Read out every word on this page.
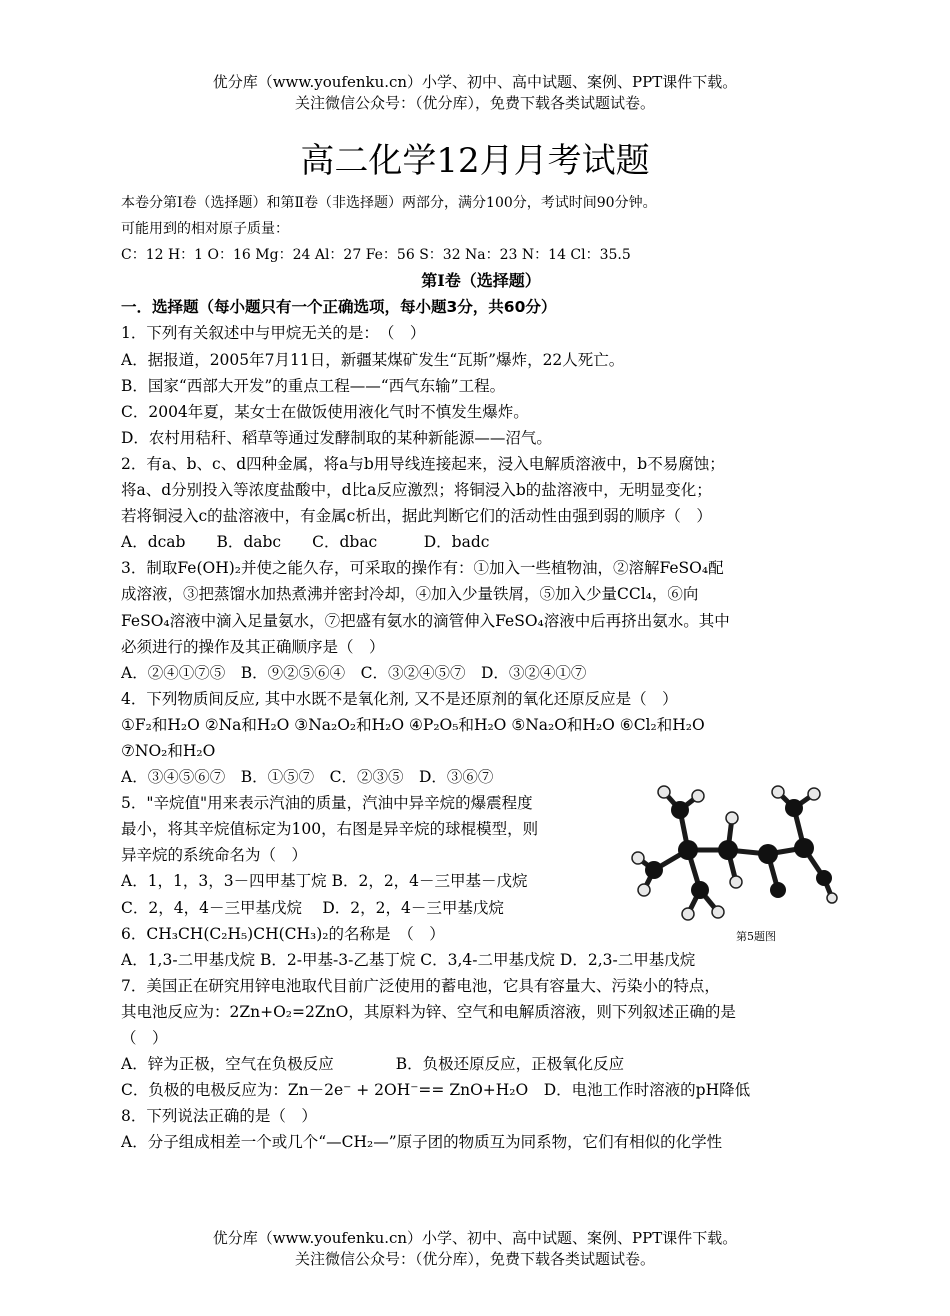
优分库（www.youfenku.cn）小学、初中、高中试题、案例、PPT课件下载。
关注微信公众号：（优分库），免费下载各类试题试卷。
高二化学12月月考试题
本卷分第Ⅰ卷（选择题）和第Ⅱ卷（非选择题）两部分，满分100分，考试时间90分钟。
可能用到的相对原子质量：
C：12 H：1 O：16 Mg：24 Al：27 Fe：56 S：32 Na：23 N：14 Cl：35.5
第Ⅰ卷（选择题）
一．选择题（每小题只有一个正确选项，每小题3分，共60分）
1．下列有关叙述中与甲烷无关的是：　（　）
A．据报道，2005年7月11日，新疆某煤矿发生“瓦斯”爆炸，22人死亡。
B．国家“西部大开发”的重点工程——“西气东输”工程。
C．2004年夏，某女士在做饭使用液化气时不慎发生爆炸。
D．农村用秸秆、稻草等通过发酵制取的某种新能源——沼气。
2．有a、b、c、d四种金属，将a与b用导线连接起来，浸入电解质溶液中，b不易腐蚀；
将a、d分别投入等浓度盐酸中，d比a反应激烈；将铜浸入b的盐溶液中，无明显变化；
若将铜浸入c的盐溶液中，有金属c析出，据此判断它们的活动性由强到弱的顺序（　）
A．dcab　　B．dabc　　C．dbac　　　D．badc
3．制取Fe(OH)₂并使之能久存，可采取的操作有：①加入一些植物油，②溶解FeSO₄配
成溶液，③把蒸馏水加热煮沸并密封冷却，④加入少量铁屑，⑤加入少量CCl₄，⑥向
FeSO₄溶液中滴入足量氨水，⑦把盛有氨水的滴管伸入FeSO₄溶液中后再挤出氨水。其中
必须进行的操作及其正确顺序是（　）
A．②④①⑦⑤　B．⑨②⑤⑥④　C．③②④⑤⑦　D．③②④①⑦
4．下列物质间反应, 其中水既不是氧化剂, 又不是还原剂的氧化还原反应是（　）
①F₂和H₂O ②Na和H₂O ③Na₂O₂和H₂O ④P₂O₅和H₂O ⑤Na₂O和H₂O ⑥Cl₂和H₂O
⑦NO₂和H₂O
A．③④⑤⑥⑦　B．①⑤⑦　C．②③⑤　D．③⑥⑦
5．"辛烷值"用来表示汽油的质量，汽油中异辛烷的爆震程度
最小，将其辛烷值标定为100，右图是异辛烷的球棍模型，则
异辛烷的系统命名为（　）
A．1，1，3，3－四甲基丁烷 B．2，2，4－三甲基－戊烷
C．2，4，4－三甲基戊烷　 D．2，2，4－三甲基戊烷
6．CH₃CH(C₂H₅)CH(CH₃)₂的名称是　（　）
A．1,3-二甲基戊烷 B．2-甲基-3-乙基丁烷 C．3,4-二甲基戊烷 D．2,3-二甲基戊烷
7．美国正在研究用锌电池取代目前广泛使用的蓄电池，它具有容量大、污染小的特点，
其电池反应为：2Zn+O₂=2ZnO，其原料为锌、空气和电解质溶液，则下列叙述正确的是
（　）
A．锌为正极，空气在负极反应　　　　B．负极还原反应，正极氧化反应
C．负极的电极反应为：Zn－2e⁻ + 2OH⁻== ZnO+H₂O　D．电池工作时溶液的pH降低
8．下列说法正确的是（　）
A．分子组成相差一个或几个“—CH₂—”原子团的物质互为同系物，它们有相似的化学性
第5题图
优分库（www.youfenku.cn）小学、初中、高中试题、案例、PPT课件下载。
关注微信公众号：（优分库），免费下载各类试题试卷。
